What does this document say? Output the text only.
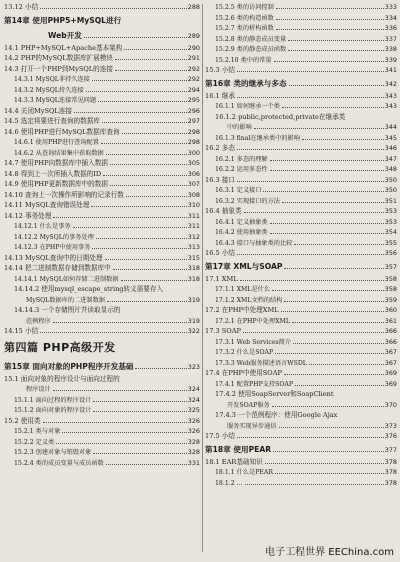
13.12 小结	288
第14章 使用PHP5+MySQL进行
Web开发	289
14.1 PHP+MySQL+Apache基本架构	290
14.2 PHP的MySQL数据库扩展模块	291
14.3 打开一个PHP到MySQL的连接	292
14.3.1 MySQL非持久连接	292
14.3.2 MySQL持久连接	294
14.3.3 MySQL连接常见问题	295
14.4 关闭MySQL连接	296
14.5 选定将要进行查询的数据库	297
14.6 使用PHP进行MySQL数据库查询	298
14.6.1 使用PHP进行查询配置	298
14.6.2 从查询结果集中获取数据	300
14.7 使用PHP向数据库中插入数据	305
14.8 得到上一次所插入数据的ID	306
14.9 使用PHP更新数据库中的数据	307
14.10 查询上一次操作所影响的记录行数	308
14.11 MySQL查询错误处理	310
14.12 事务处理	311
14.12.1 什么是事务	311
14.12.2 MySQL的事务处理	312
14.12.3 在PHP中使用事务	313
14.13 MySQL查询中的日期处理	315
14.14 把二进制数据存储到数据库中	318
14.14.1 MySQL如何存储二进制数据	318
14.14.2 使用mysql_escape_string转义需要存入
MySQL数据库的二进制数据	319
14.14.3 一个存储图片并读取显示的
范例程序	319
14.15 小结	322
第四篇 PHP高级开发
第15章 面向对象的PHP程序开发基础	323
15.1 面向对象的程序设计与面向过程的
程序设计	324
15.1.1 面向过程的程序设计	324
15.1.2 面向对象的程序设计	325
15.2 使用类	326
15.2.1 类与对象	326
15.2.2 定义类	328
15.2.3 创建对象与销毁对象	328
15.2.4 类的成员变量与成员函数	331
15.2.5 类的访问控制	333
15.2.6 类的构造函数	334
15.2.7 类的析构函数	336
15.2.8 类的静态成员变量	337
15.2.9 类的静态成员函数	338
15.2.10 类中的常量	339
15.3 小结	341
第16章 类的继承与多态	342
16.1 继承	343
16.1.1 如何继承一个类	343
16.1.2 public,protected,private在继承类
中的影响	344
16.1.3 final在继承类中的影响	345
16.2 多态	346
16.2.1 多态的理解	347
16.2.2 运用多态性	348
16.3 接口	350
16.3.1 定义接口	350
16.3.2 实现接口的方法	351
16.4 抽象类	353
16.4.1 定义抽象类	353
16.4.2 使用抽象类	354
16.4.3 接口与抽象类的比较	355
16.5 小结	356
第17章 XML与SOAP	357
17.1 XML	358
17.1.1 XML是什么	358
17.1.2 XML文档的结构	359
17.2 在PHP中处理XML	360
17.2.1 在PHP中处理XML	361
17.3 SOAP	366
17.3.1 Web Services简介	366
17.3.2 什么是SOAP	367
17.3.3 Web服务描述语言WSDL	367
17.4 在PHP中使用SOAP	369
17.4.1 配置PHP支持SOAP	369
17.4.2 使用SoapServer和SoapClient
开发SOAP服务	370
17.4.3 一个范例程序：使用Google Ajax
服务实现异步通信	373
17.5 小结	376
第18章 使用PEAR	377
18.1 EAR基础知识	378
18.1.1 什么是PEAR	378
18.1.2 ...	378
电子工程世界 EEChina.com
